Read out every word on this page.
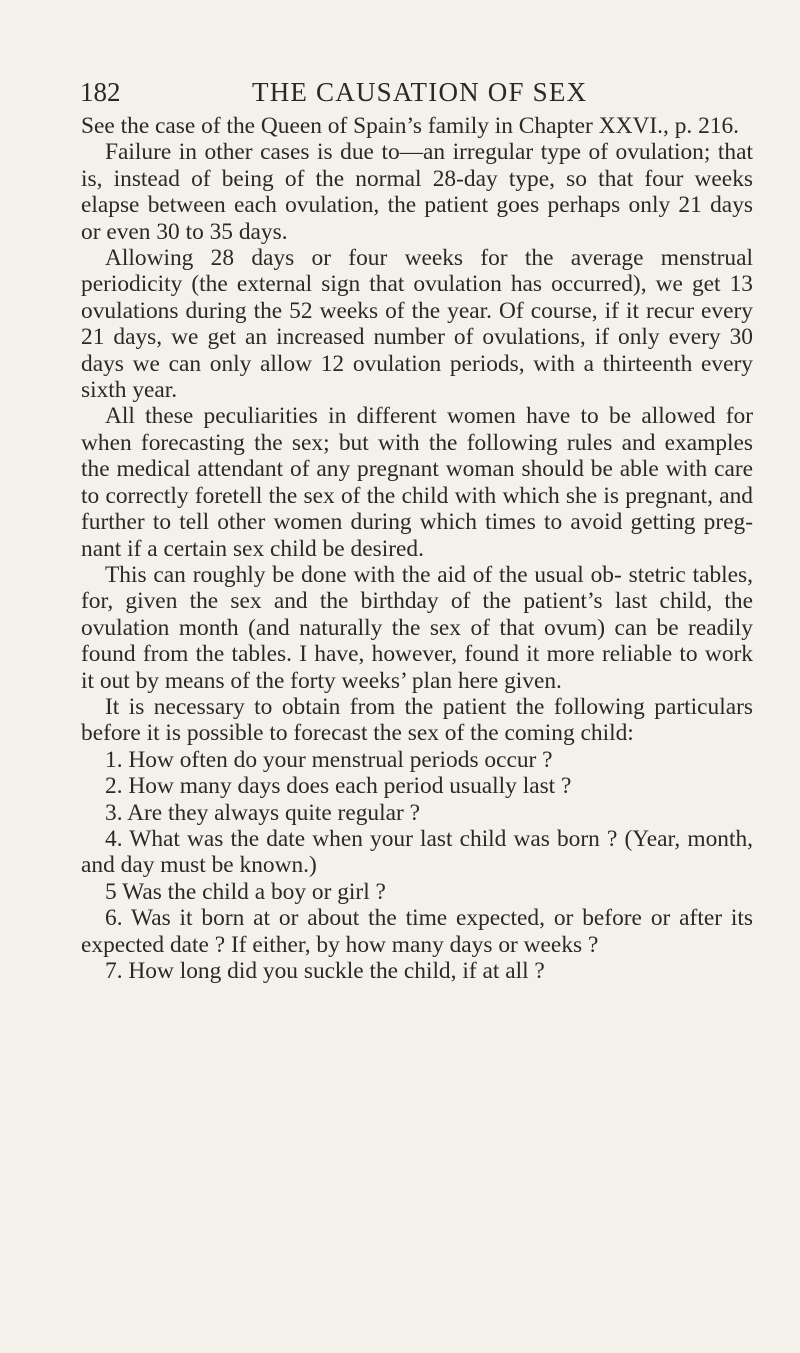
182	THE CAUSATION OF SEX

See the case of the Queen of Spain’s family in Chapter XXVI., p. 216.

Failure in other cases is due to—an irregular type of ovulation; that is, instead of being of the normal 28-day type, so that four weeks elapse between each ovulation, the patient goes perhaps only 21 days or even 30 to 35 days.

Allowing 28 days or four weeks for the average menstrual periodicity (the external sign that ovulation has occurred), we get 13 ovulations during the 52 weeks of the year. Of course, if it recur every 21 days, we get an increased number of ovulations, if only every 30 days we can only allow 12 ovulation periods, with a thirteenth every sixth year.

All these peculiarities in different women have to be allowed for when forecasting the sex; but with the following rules and examples the medical attendant of any pregnant woman should be able with care to correctly foretell the sex of the child with which she is pregnant, and further to tell other women during which times to avoid getting preg- nant if a certain sex child be desired.

This can roughly be done with the aid of the usual ob- stetric tables, for, given the sex and the birthday of the patient’s last child, the ovulation month (and naturally the sex of that ovum) can be readily found from the tables. I have, however, found it more reliable to work it out by means of the forty weeks’ plan here given.

It is necessary to obtain from the patient the following particulars before it is possible to forecast the sex of the coming child:

1. How often do your menstrual periods occur ?
2. How many days does each period usually last ?
3. Are they always quite regular ?
4. What was the date when your last child was born ? (Year, month, and day must be known.)
5 Was the child a boy or girl ?
6. Was it born at or about the time expected, or before or after its expected date ? If either, by how many days or weeks ?
7. How long did you suckle the child, if at all ?
